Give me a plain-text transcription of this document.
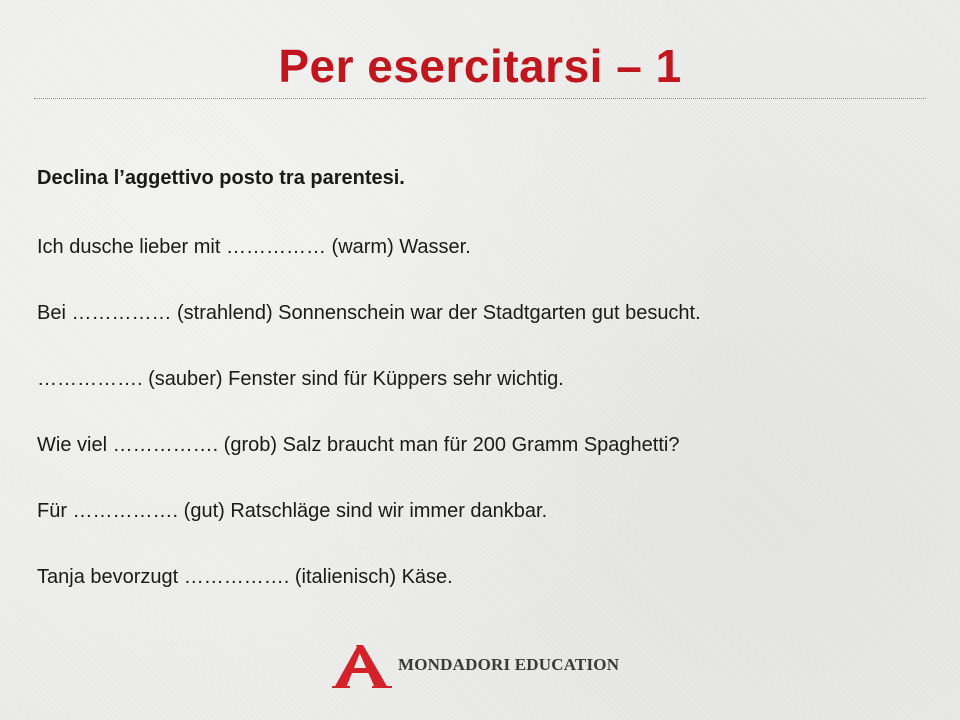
Per esercitarsi – 1

Declina l’aggettivo posto tra parentesi.

Ich dusche lieber mit …………… (warm) Wasser.
Bei …………… (strahlend) Sonnenschein war der Stadtgarten gut besucht.
……………. (sauber) Fenster sind für Küppers sehr wichtig.
Wie viel ……………. (grob) Salz braucht man für 200 Gramm Spaghetti?
Für ……………. (gut) Ratschläge sind wir immer dankbar.
Tanja bevorzugt ……………. (italienisch) Käse.
MONDADORI EDUCATION
